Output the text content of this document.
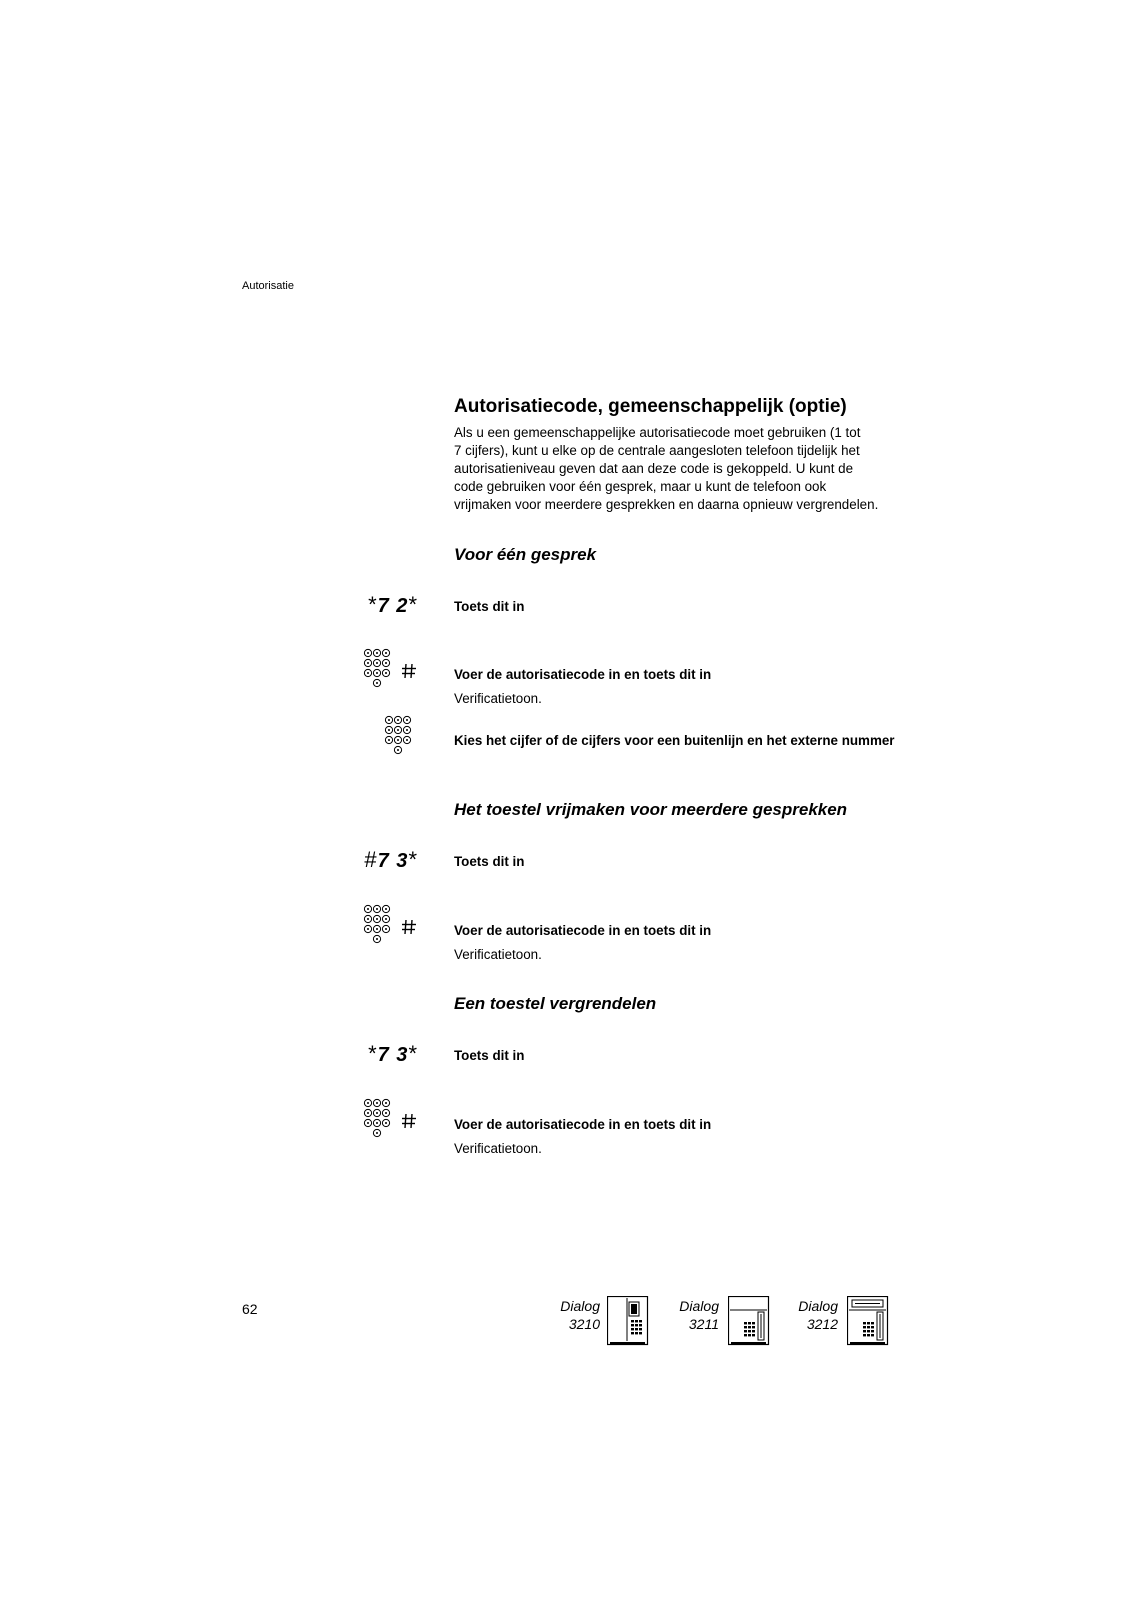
Autorisatie
Autorisatiecode, gemeenschappelijk (optie)
Als u een gemeenschappelijke autorisatiecode moet gebruiken (1 tot
7 cijfers), kunt u elke op de centrale aangesloten telefoon tijdelijk het
autorisatieniveau geven dat aan deze code is gekoppeld. U kunt de
code gebruiken voor één gesprek, maar u kunt de telefoon ook
vrijmaken voor meerdere gesprekken en daarna opnieuw vergrendelen.
Voor één gesprek
*7 2*	Toets dit in
Voer de autorisatiecode in en toets dit in
Verificatietoon.
Kies het cijfer of de cijfers voor een buitenlijn en het externe nummer
Het toestel vrijmaken voor meerdere gesprekken
#7 3*	Toets dit in
Voer de autorisatiecode in en toets dit in
Verificatietoon.
Een toestel vergrendelen
*7 3*	Toets dit in
Voer de autorisatiecode in en toets dit in
Verificatietoon.
62	Dialog
3210
Dialog
3211
Dialog
3212
